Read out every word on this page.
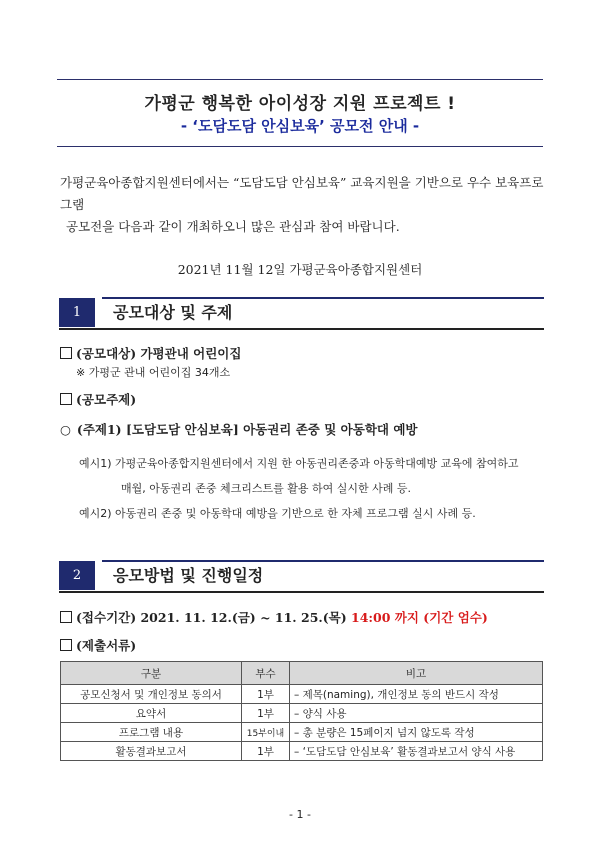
가평군 행복한 아이성장 지원 프로젝트 !
- ‘도담도담 안심보육’ 공모전 안내 -
가평군육아종합지원센터에서는 “도담도담 안심보육” 교육지원을 기반으로 우수 보육프로그램
공모전을 다음과 같이 개최하오니 많은 관심과 참여 바랍니다.
2021년 11월 12일 가평군육아종합지원센터
1	공모대상 및 주제
(공모대상) 가평관내 어린이집
※ 가평군 관내 어린이집 34개소
(공모주제)
○ (주제1) [도담도담 안심보육] 아동권리 존중 및 아동학대 예방
예시1) 가평군육아종합지원센터에서 지원 한 아동권리존중과 아동학대예방 교육에 참여하고
매월, 아동권리 존중 체크리스트를 활용 하여 실시한 사례 등.
예시2) 아동권리 존중 및 아동학대 예방을 기반으로 한 자체 프로그램 실시 사례 등.
2	응모방법 및 진행일정
(접수기간) 2021. 11. 12.(금) ~ 11. 25.(목) 14:00 까지 (기간 엄수)
(제출서류)
구분	부수	비고
공모신청서 및 개인정보 동의서	1부	– 제목(naming), 개인정보 동의 반드시 작성
요약서	1부	– 양식 사용
프로그램 내용	15부이내	– 총 분량은 15페이지 넘지 않도록 작성
활동결과보고서	1부	– ‘도담도담 안심보육’ 활동결과보고서 양식 사용
- 1 -
